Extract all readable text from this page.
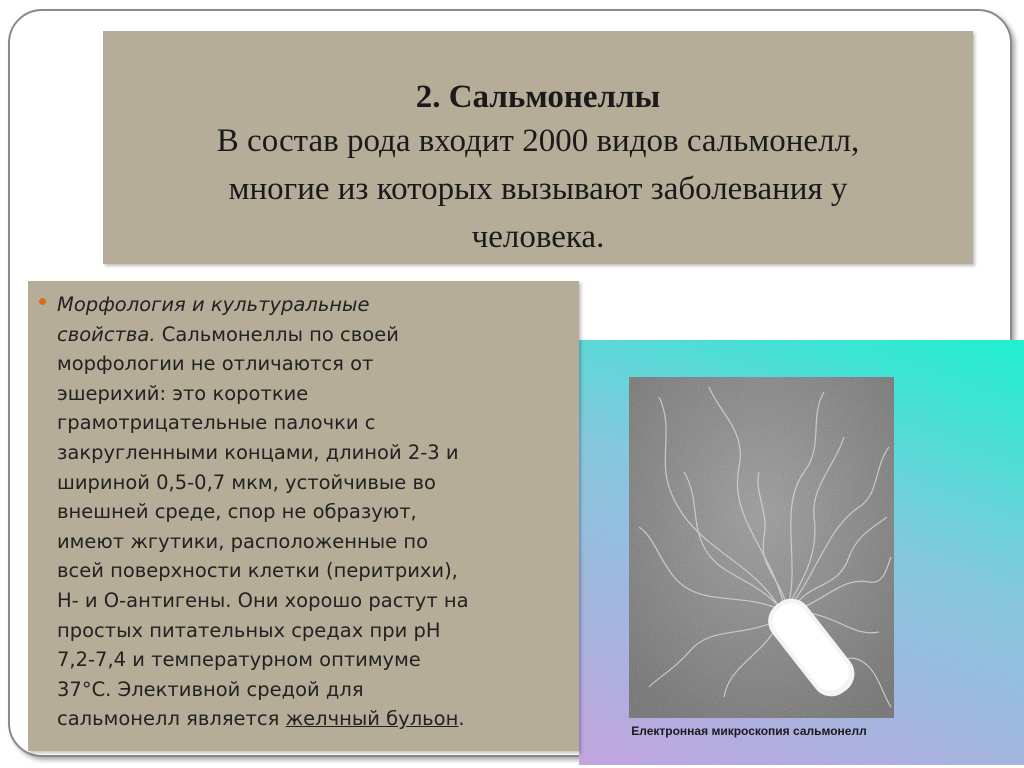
2. Сальмонеллы
В состав рода входит 2000 видов сальмонелл,
многие из которых вызывают заболевания у
человека.
Електронная микроскопия сальмонелл
Морфология и культуральные
свойства. Сальмонеллы по своей
морфологии не отличаются от
эшерихий: это короткие
грамотрицательные палочки с
закругленными концами, длиной 2-3 и
шириной 0,5-0,7 мкм, устойчивые во
внешней среде, спор не образуют,
имеют жгутики, расположенные по
всей поверхности клетки (перитрихи),
Н- и О-антигены. Они хорошо растут на
простых питательных средах при рН
7,2-7,4 и температурном оптимуме
37°С. Элективной средой для
сальмонелл является желчный бульон.
